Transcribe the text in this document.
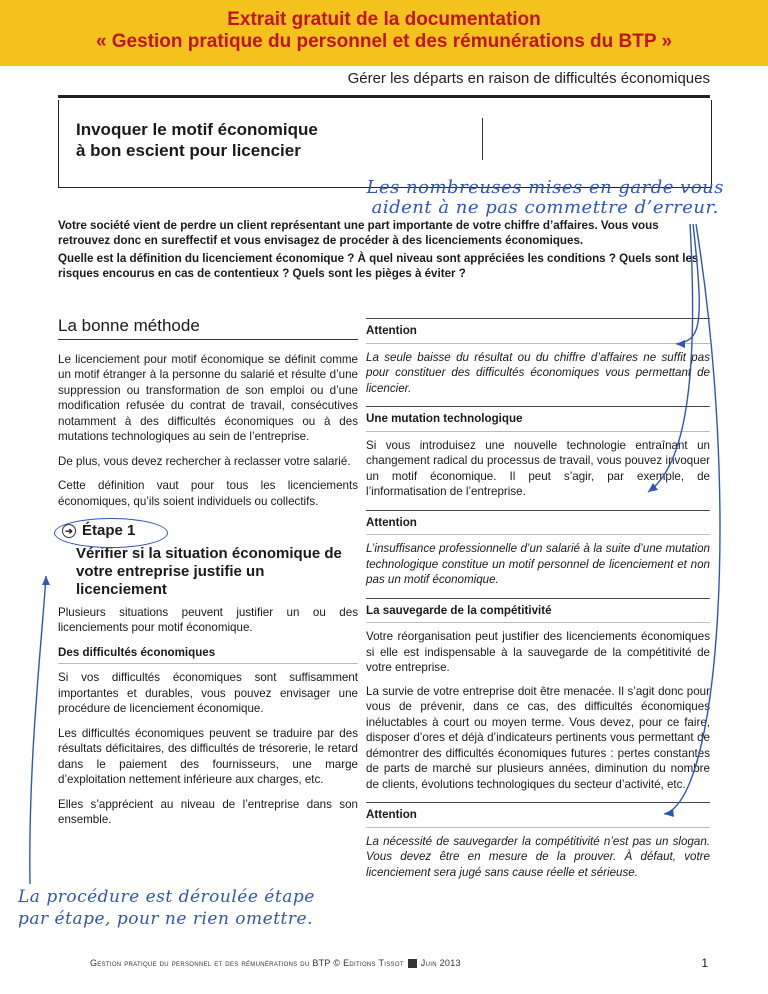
Extrait gratuit de la documentation
« Gestion pratique du personnel et des rémunérations du BTP »
Gérer les départs en raison de difficultés économiques
Invoquer le motif économique
à bon escient pour licencier
Les nombreuses mises en garde vous
aident à ne pas commettre d’erreur.

Votre société vient de perdre un client représentant une part importante de votre chiffre d’affaires. Vous vous retrouvez donc en sureffectif et vous envisagez de procéder à des licenciements économiques.

Quelle est la définition du licenciement économique ? À quel niveau sont appréciées les conditions ? Quels sont les risques encourus en cas de contentieux ? Quels sont les pièges à éviter ?

La bonne méthode

Le licenciement pour motif économique se définit comme un motif étranger à la personne du salarié et résulte d’une suppression ou transformation de son emploi ou d’une modification refusée du contrat de travail, consécutives notamment à des difficultés économiques ou à des mutations technologiques au sein de l’entreprise.

De plus, vous devez rechercher à reclasser votre salarié.

Cette définition vaut pour tous les licenciements économiques, qu’ils soient individuels ou collectifs.

➔ Étape 1
Vérifier si la situation économique de votre entreprise justifie un licenciement

Plusieurs situations peuvent justifier un ou des licenciements pour motif économique.

Des difficultés économiques

Si vos difficultés économiques sont suffisamment importantes et durables, vous pouvez envisager une procédure de licenciement économique.

Les difficultés économiques peuvent se traduire par des résultats déficitaires, des difficultés de trésorerie, le retard dans le paiement des fournisseurs, une marge d’exploitation nettement inférieure aux charges, etc.

Elles s’apprécient au niveau de l’entreprise dans son ensemble.

Attention

La seule baisse du résultat ou du chiffre d’affaires ne suffit pas pour constituer des difficultés économiques vous permettant de licencier.

Une mutation technologique

Si vous introduisez une nouvelle technologie entraînant un changement radical du processus de travail, vous pouvez invoquer un motif économique. Il peut s’agir, par exemple, de l’informatisation de l’entreprise.

Attention

L’insuffisance professionnelle d’un salarié à la suite d’une mutation technologique constitue un motif personnel de licenciement et non pas un motif économique.

La sauvegarde de la compétitivité

Votre réorganisation peut justifier des licenciements économiques si elle est indispensable à la sauvegarde de la compétitivité de votre entreprise.

La survie de votre entreprise doit être menacée. Il s’agit donc pour vous de prévenir, dans ce cas, des difficultés économiques inéluctables à court ou moyen terme. Vous devez, pour ce faire, disposer d’ores et déjà d’indicateurs pertinents vous permettant de démontrer des difficultés économiques futures : pertes constantes de parts de marché sur plusieurs années, diminution du nombre de clients, évolutions technologiques du secteur d’activité, etc.

Attention

La nécessité de sauvegarder la compétitivité n’est pas un slogan. Vous devez être en mesure de la prouver. À défaut, votre licenciement sera jugé sans cause réelle et sérieuse.

La procédure est déroulée étape
par étape, pour ne rien omettre.
Gestion pratique du personnel et des rémunérations du BTP © Editions Tissot Juin 2013	1
